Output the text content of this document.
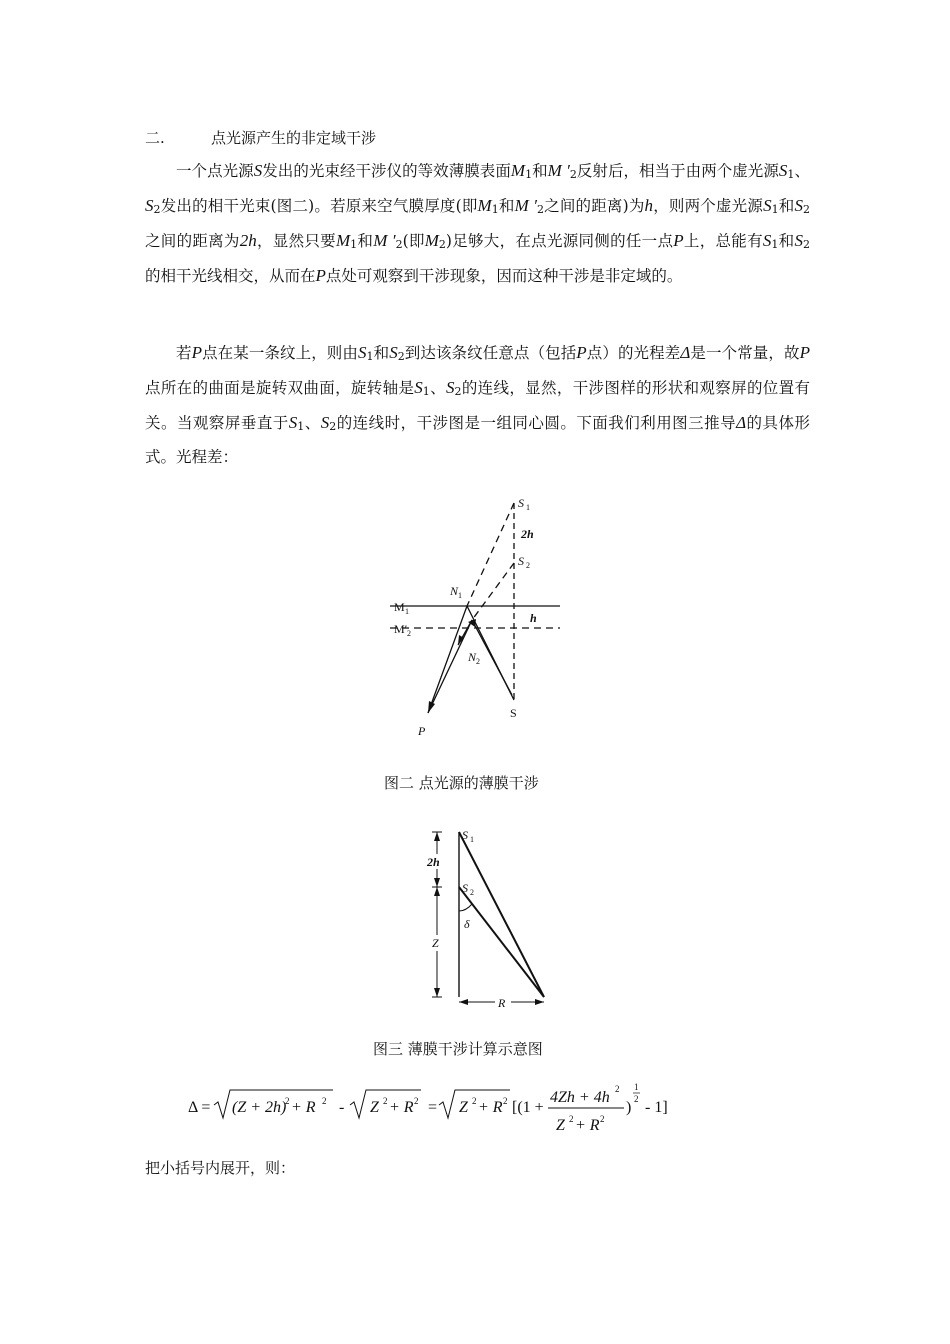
二.	点光源产生的非定域干涉
一个点光源S发出的光束经干涉仪的等效薄膜表面M1和M ′2反射后，相当于由两个虚光源S1、S2发出的相干光束(图二)。若原来空气膜厚度(即M1和M ′2之间的距离)为h，则两个虚光源S1和S2之间的距离为2h，显然只要M1和M ′2(即M2)足够大，在点光源同侧的任一点P上，总能有S1和S2的相干光线相交，从而在P点处可观察到干涉现象，因而这种干涉是非定域的。
若P点在某一条纹上，则由S1和S2到达该条纹任意点（包括P点）的光程差Δ是一个常量，故P点所在的曲面是旋转双曲面，旋转轴是S1、S2的连线，显然，干涉图样的形状和观察屏的位置有关。当观察屏垂直于S1、S2的连线时，干涉图是一组同心圆。下面我们利用图三推导Δ的具体形式。光程差：
S 1
2h
S 2
N 1
M 1
M′ 2
h
N 2
S
P
图二 点光源的薄膜干涉
S 1
2h
S 2
δ
Z
R
图三 薄膜干涉计算示意图
Δ = (Z + 2h)
2 + R 2 - Z 2 + R 2 = Z 2 + R 2 [(1 +
4Zh + 4h 2
Z 2 + R 2
)
1
2 - 1]
把小括号内展开，则：
